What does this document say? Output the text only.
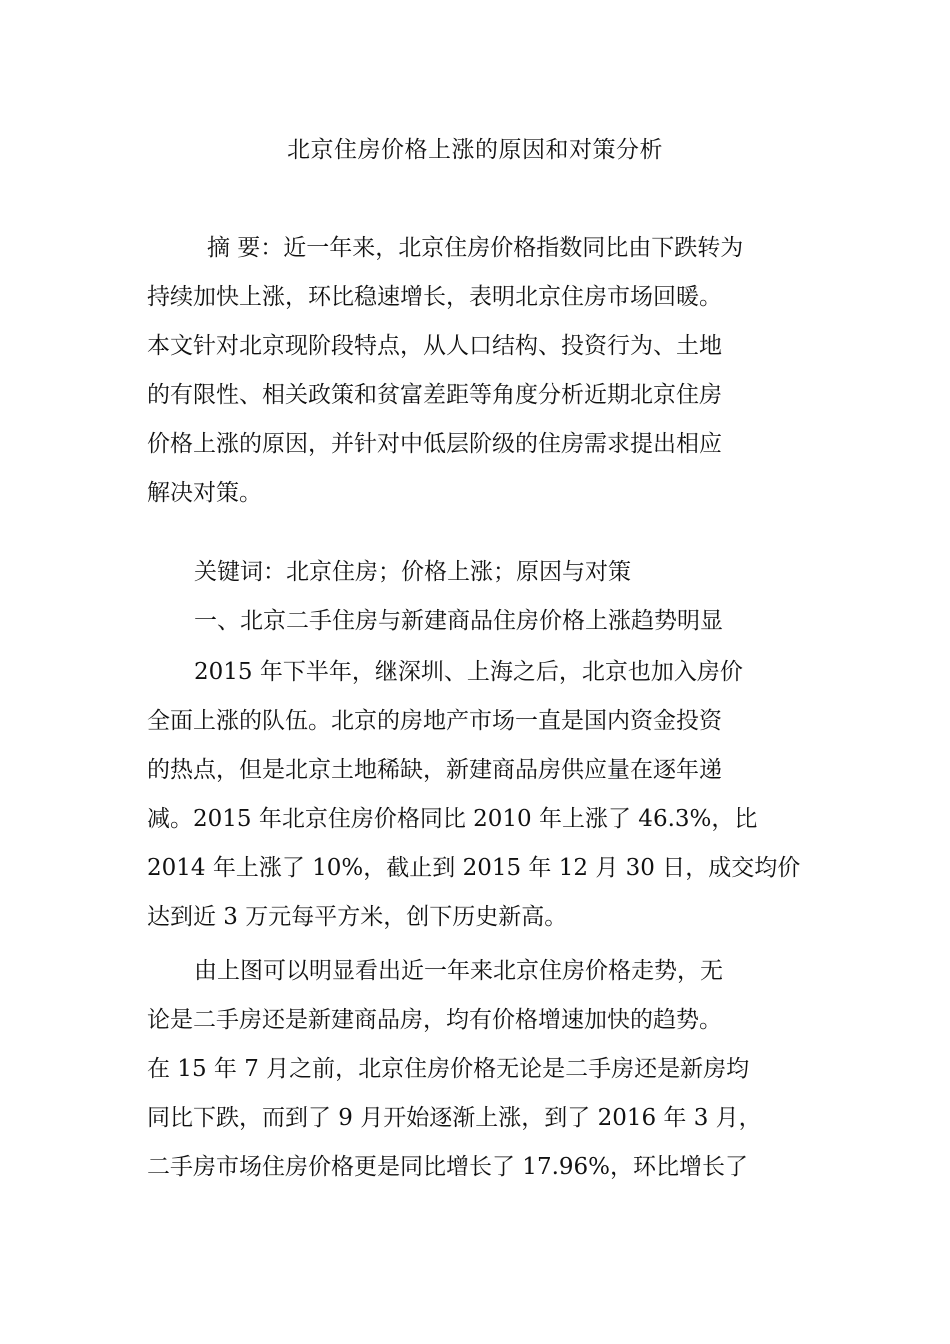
北京住房价格上涨的原因和对策分析

摘 要：近一年来，北京住房价格指数同比由下跌转为
持续加快上涨，环比稳速增长，表明北京住房市场回暖。
本文针对北京现阶段特点，从人口结构、投资行为、土地
的有限性、相关政策和贫富差距等角度分析近期北京住房
价格上涨的原因，并针对中低层阶级的住房需求提出相应
解决对策。

关键词：北京住房；价格上涨；原因与对策
一、北京二手住房与新建商品住房价格上涨趋势明显

2015 年下半年，继深圳、上海之后，北京也加入房价
全面上涨的队伍。北京的房地产市场一直是国内资金投资
的热点，但是北京土地稀缺，新建商品房供应量在逐年递
减。2015 年北京住房价格同比 2010 年上涨了 46.3%，比
2014 年上涨了 10%，截止到 2015 年 12 月 30 日，成交均价
达到近 3 万元每平方米，创下历史新高。

由上图可以明显看出近一年来北京住房价格走势，无
论是二手房还是新建商品房，均有价格增速加快的趋势。
在 15 年 7 月之前，北京住房价格无论是二手房还是新房均
同比下跌，而到了 9 月开始逐渐上涨，到了 2016 年 3 月，
二手房市场住房价格更是同比增长了 17.96%，环比增长了
